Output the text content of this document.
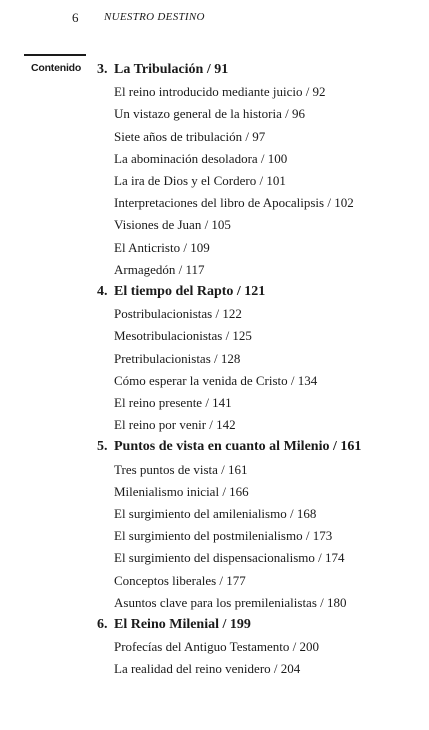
6 NUESTRO DESTINO
Contenido 3. La Tribulación / 91
El reino introducido mediante juicio / 92
Un vistazo general de la historia / 96
Siete años de tribulación / 97
La abominación desoladora / 100
La ira de Dios y el Cordero / 101
Interpretaciones del libro de Apocalipsis / 102
Visiones de Juan / 105
El Anticristo / 109
Armagedón / 117
4. El tiempo del Rapto / 121
Postribulacionistas / 122
Mesotribulacionistas / 125
Pretribulacionistas / 128
Cómo esperar la venida de Cristo / 134
El reino presente / 141
El reino por venir / 142
5. Puntos de vista en cuanto al Milenio / 161
Tres puntos de vista / 161
Milenialismo inicial / 166
El surgimiento del amilenialismo / 168
El surgimiento del postmilenialismo / 173
El surgimiento del dispensacionalismo / 174
Conceptos liberales / 177
Asuntos clave para los premilenialistas / 180
6. El Reino Milenial / 199
Profecías del Antiguo Testamento / 200
La realidad del reino venidero / 204
